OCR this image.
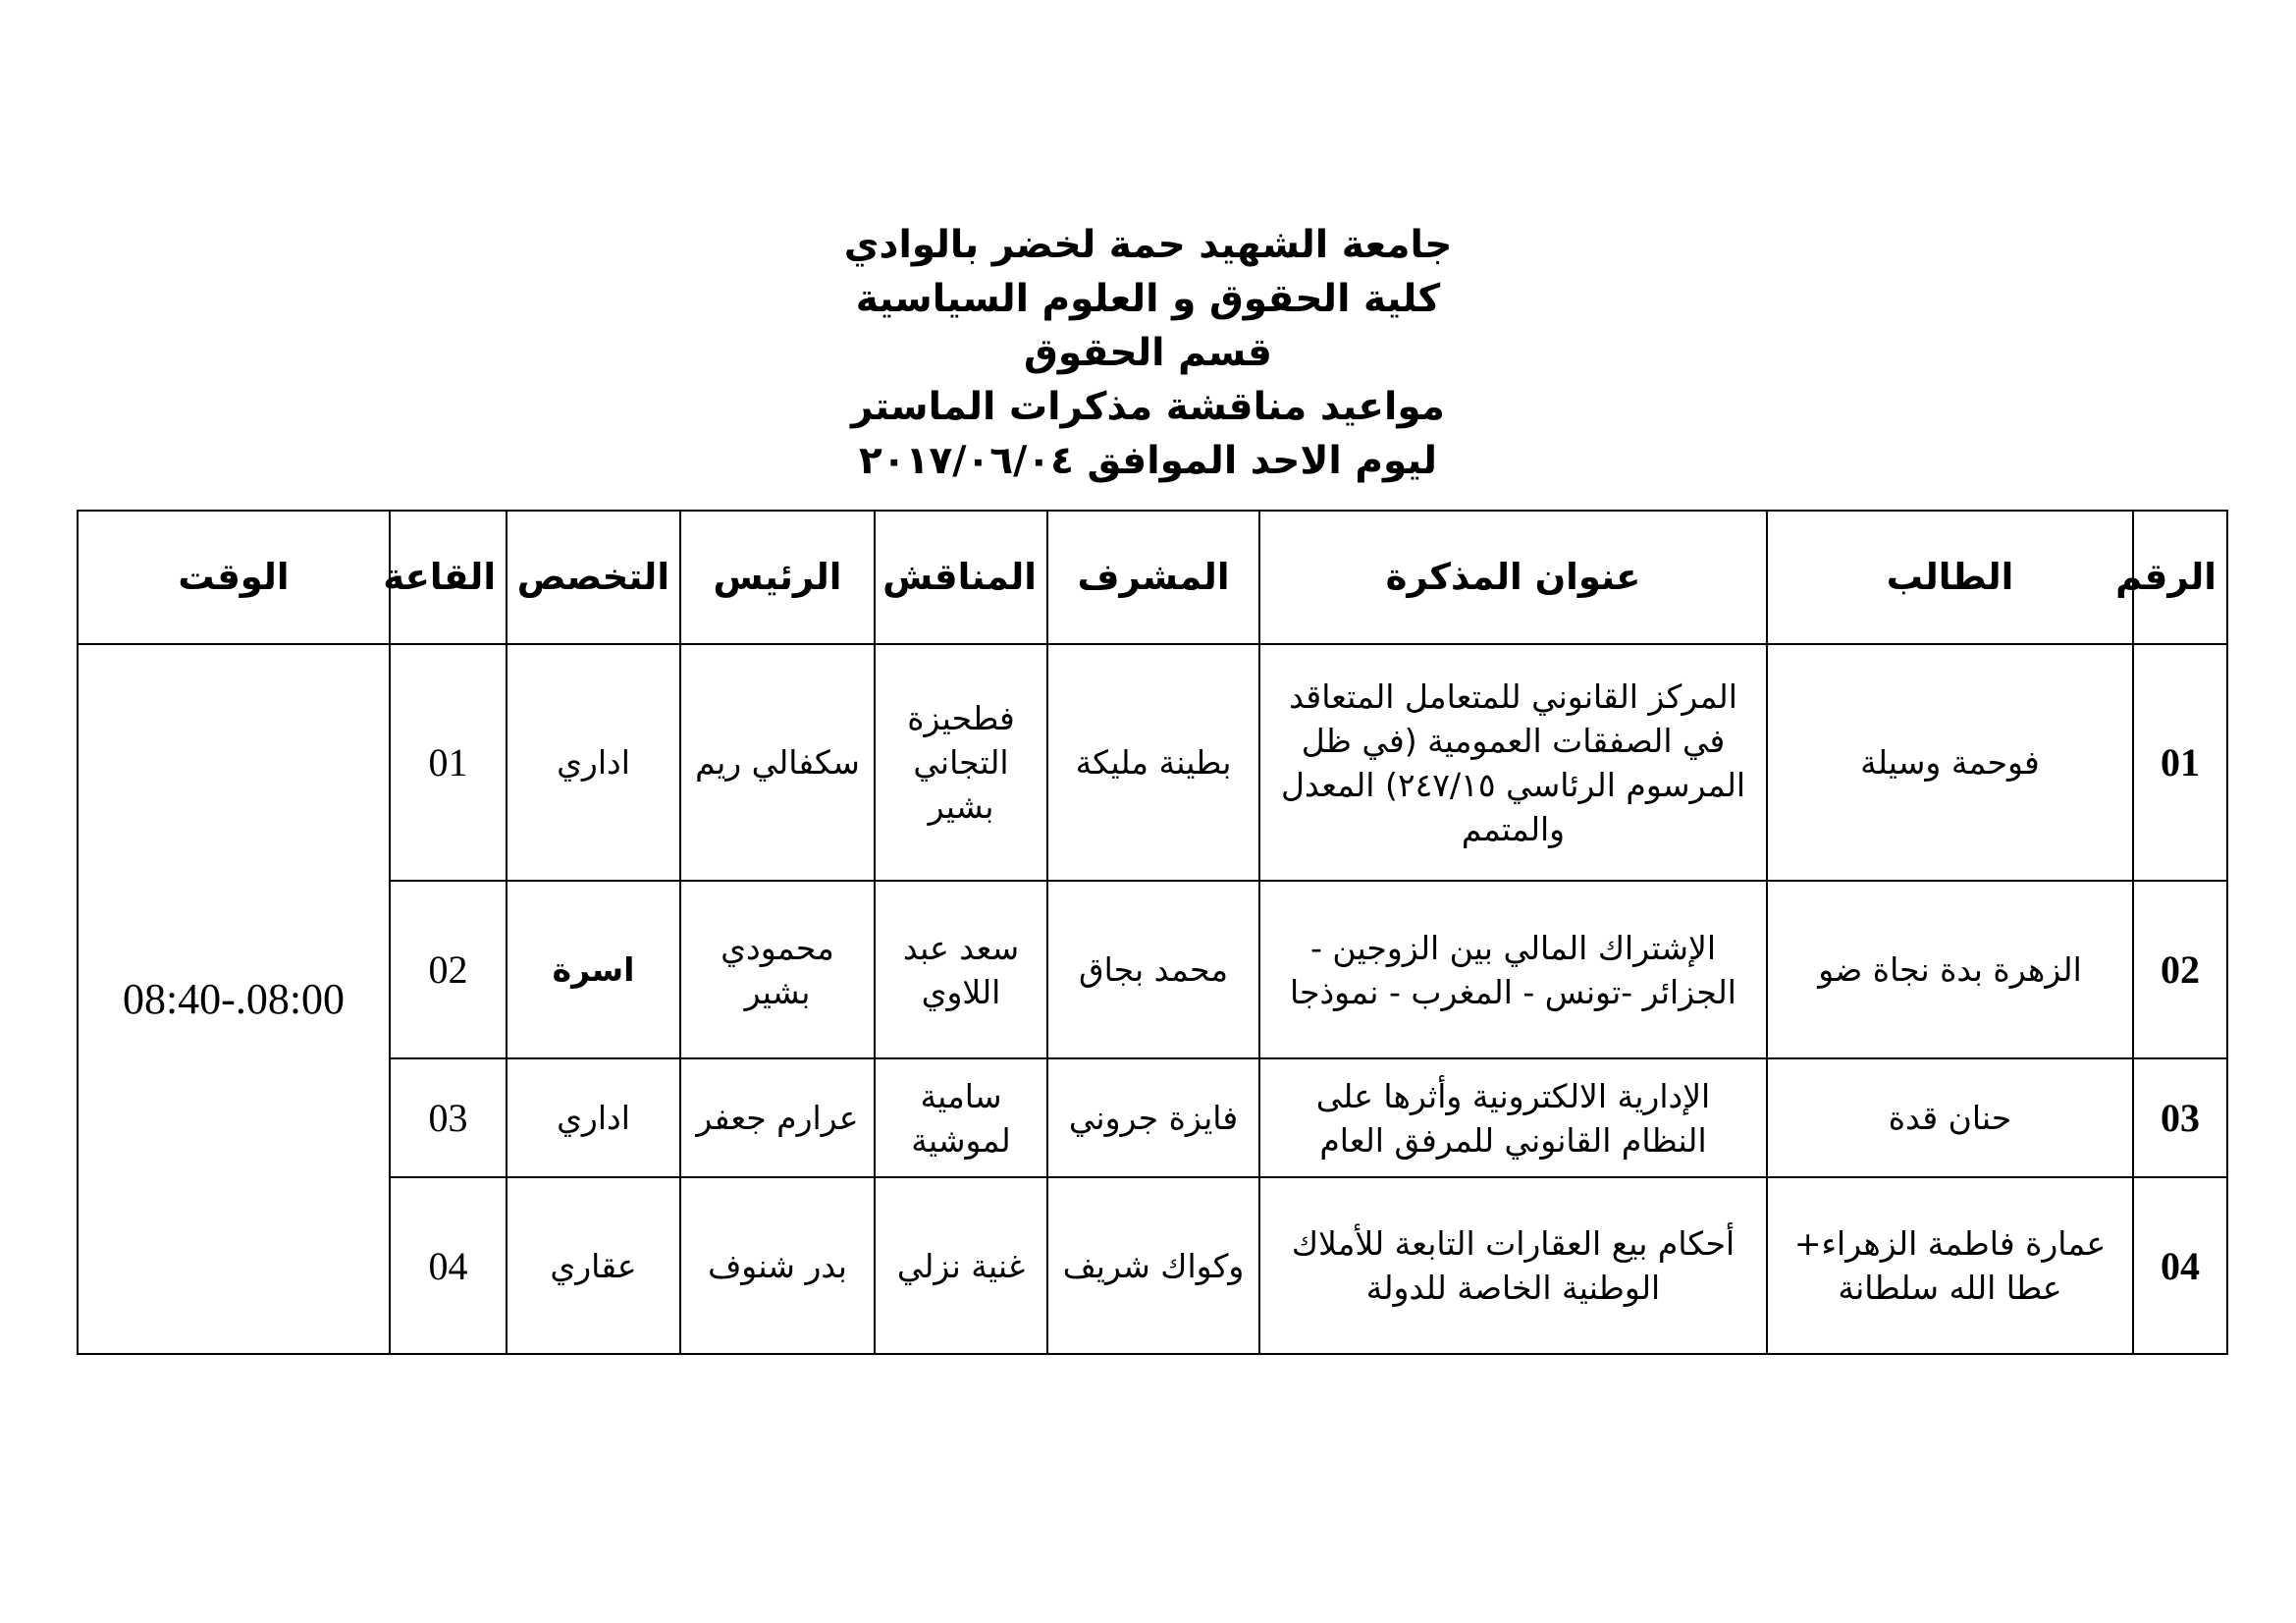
جامعة الشهيد حمة لخضر بالوادي
كلية الحقوق و العلوم السياسية
قسم الحقوق
مواعيد مناقشة مذكرات الماستر
ليوم الاحد الموافق ٢٠١٧/٠٦/٠٤
الرقم	الطالب	عنوان المذكرة	المشرف	المناقش	الرئيس	التخصص	القاعة	الوقت
01	فوحمة وسيلة	المركز القانوني للمتعامل المتعاقد في الصفقات العمومية (في ظل المرسوم الرئاسي ٢٤٧/١٥) المعدل والمتمم	بطينة مليكة	فطحيزة التجاني بشير	سكفالي ريم	اداري	01	08:40-.08:00
02	الزهرة بدة نجاة ضو	الإشتراك المالي بين الزوجين - الجزائر -تونس - المغرب - نموذجا	محمد بجاق	سعد عبد اللاوي	محمودي بشير	اسرة	02	
03	حنان قدة	الإدارية الالكترونية وأثرها على النظام القانوني للمرفق العام	فايزة جروني	سامية لموشية	عرارم جعفر	اداري	03	
04	عمارة فاطمة الزهراء+ عطا الله سلطانة	أحكام بيع العقارات التابعة للأملاك الوطنية الخاصة للدولة	وكواك شريف	غنية نزلي	بدر شنوف	عقاري	04	
